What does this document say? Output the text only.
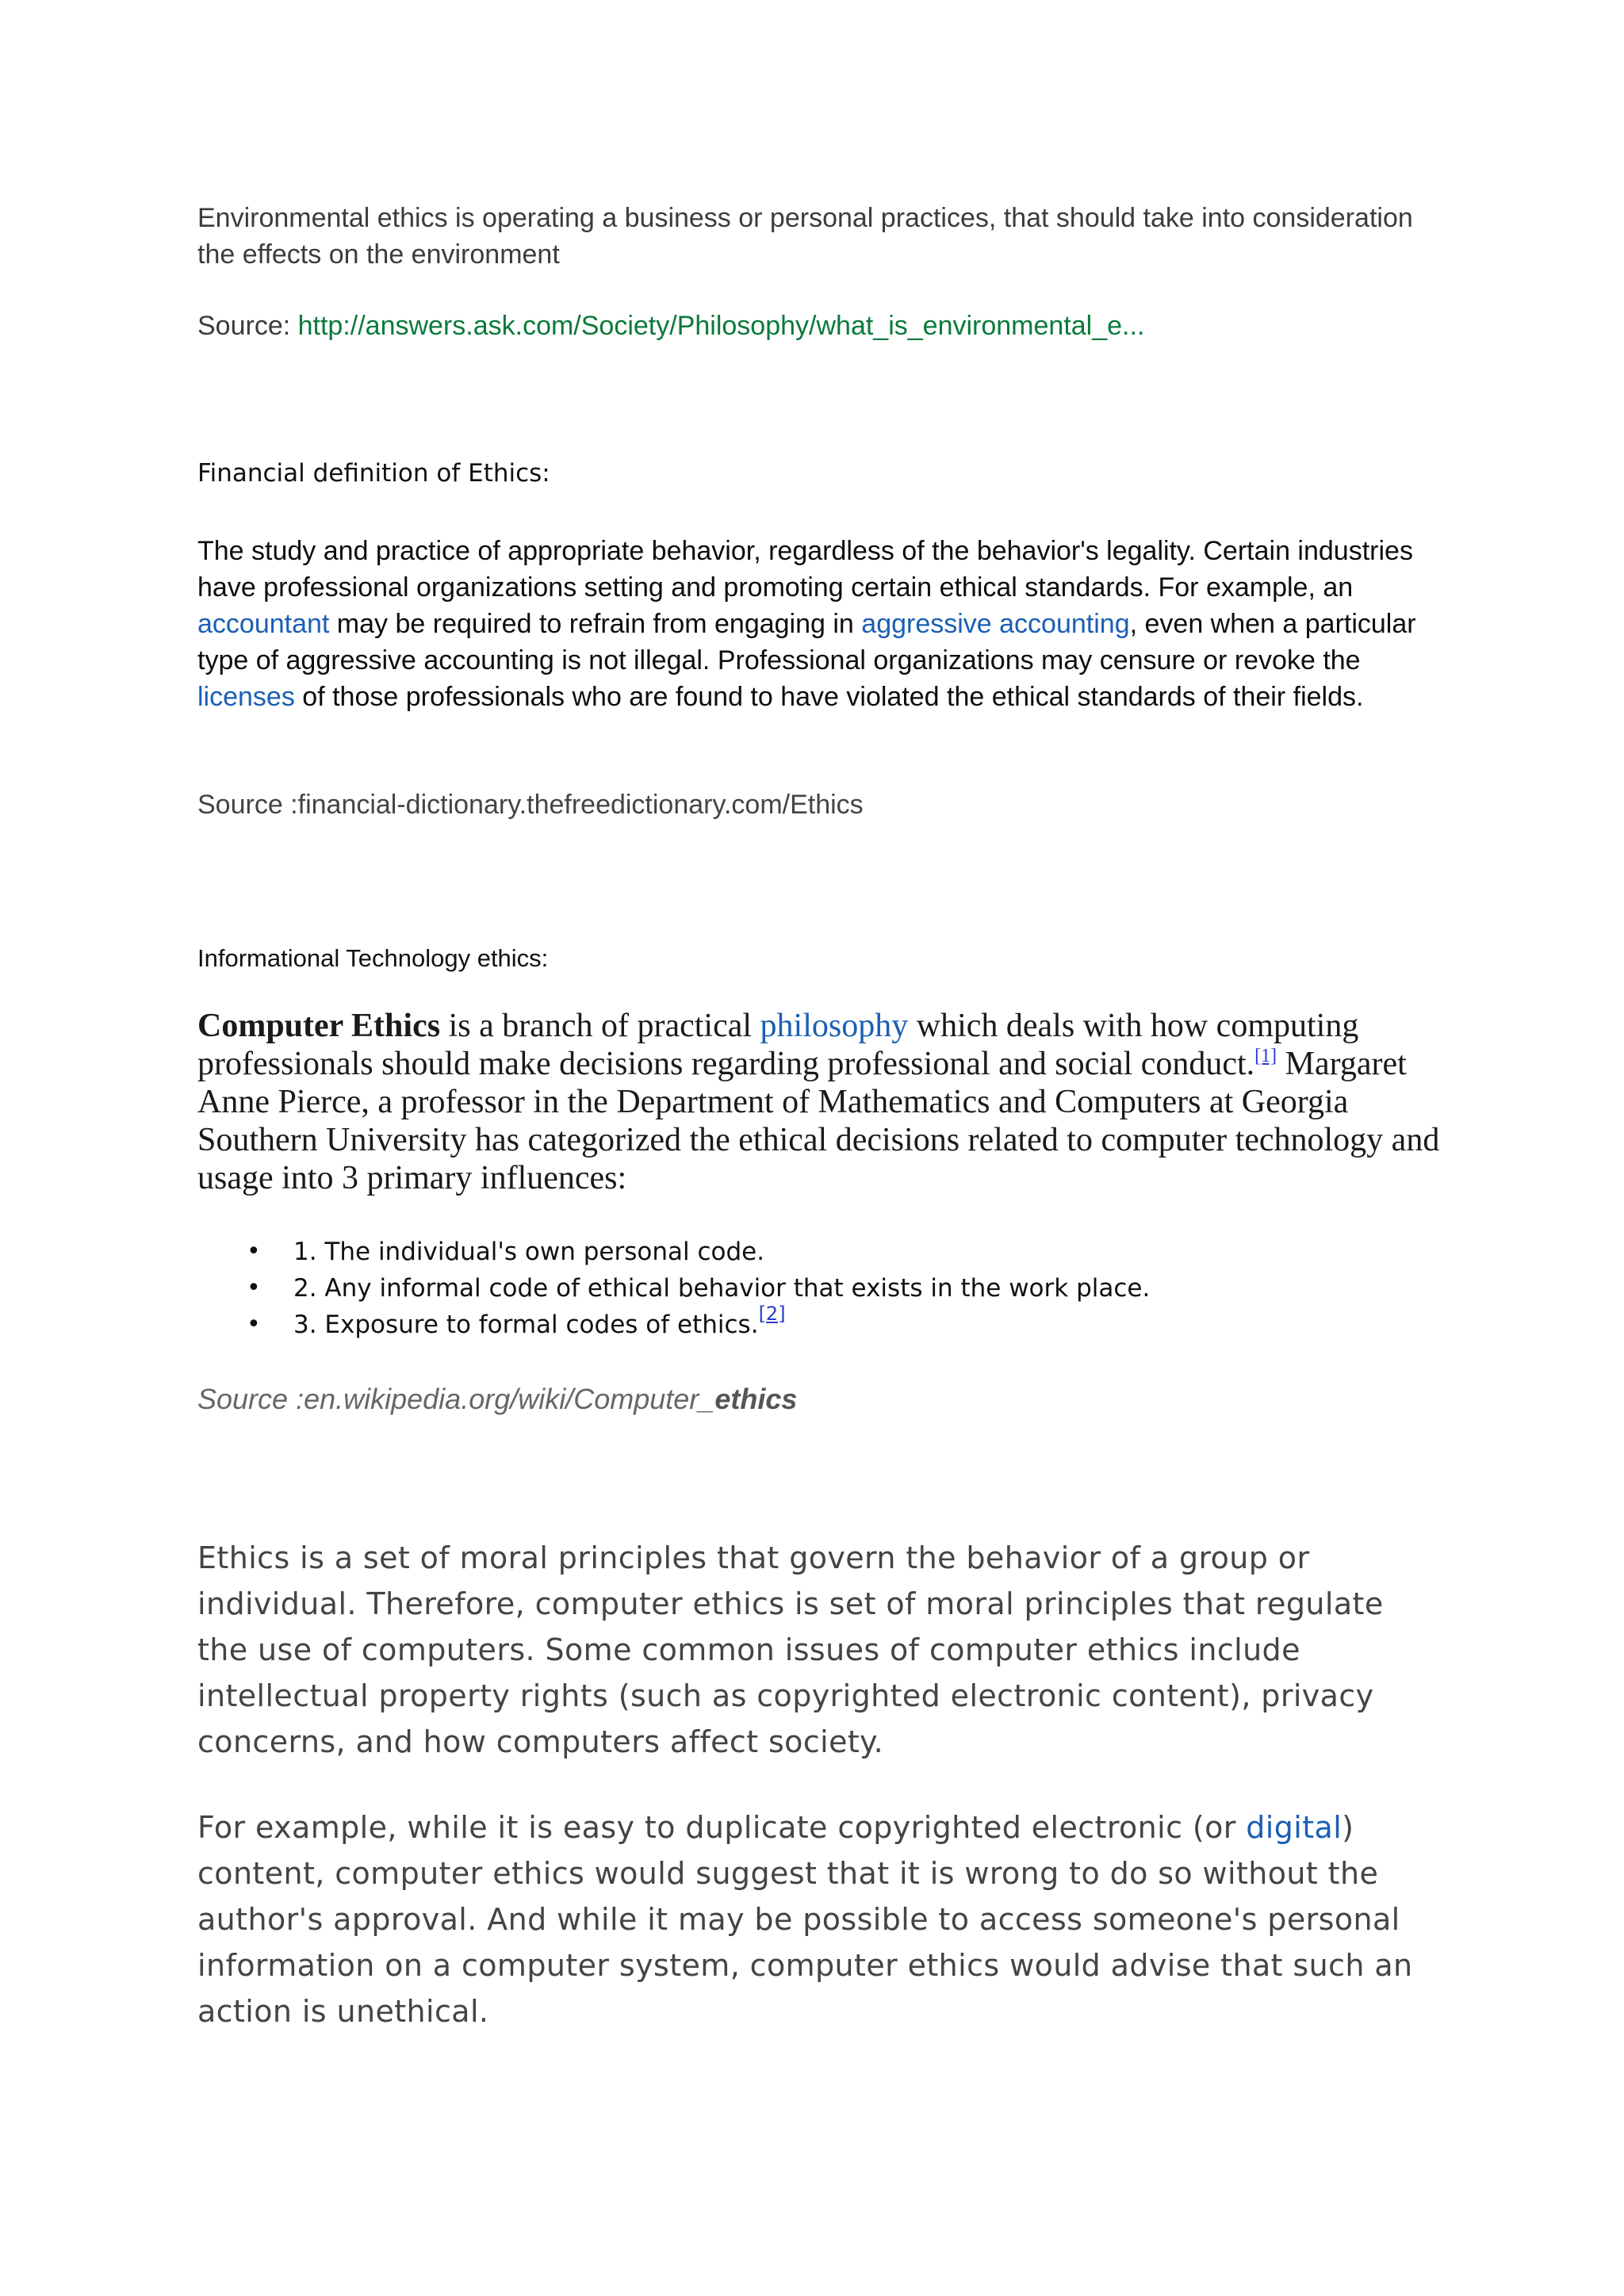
Environmental ethics is operating a business or personal practices, that should take into consideration the effects on the environment

Source: http://answers.ask.com/Society/Philosophy/what_is_environmental_e...

Financial definition of Ethics:

The study and practice of appropriate behavior, regardless of the behavior's legality. Certain industries have professional organizations setting and promoting certain ethical standards. For example, an accountant may be required to refrain from engaging in aggressive accounting, even when a particular type of aggressive accounting is not illegal. Professional organizations may censure or revoke the licenses of those professionals who are found to have violated the ethical standards of their fields.

Source :financial-dictionary.thefreedictionary.com/Ethics

Informational Technology ethics:

Computer Ethics is a branch of practical philosophy which deals with how computing professionals should make decisions regarding professional and social conduct.[1] Margaret Anne Pierce, a professor in the Department of Mathematics and Computers at Georgia Southern University has categorized the ethical decisions related to computer technology and usage into 3 primary influences:

• 1. The individual's own personal code.
• 2. Any informal code of ethical behavior that exists in the work place.
• 3. Exposure to formal codes of ethics.[2]

Source :en.wikipedia.org/wiki/Computer_ethics

Ethics is a set of moral principles that govern the behavior of a group or individual. Therefore, computer ethics is set of moral principles that regulate the use of computers. Some common issues of computer ethics include intellectual property rights (such as copyrighted electronic content), privacy concerns, and how computers affect society.

For example, while it is easy to duplicate copyrighted electronic (or digital) content, computer ethics would suggest that it is wrong to do so without the author's approval. And while it may be possible to access someone's personal information on a computer system, computer ethics would advise that such an action is unethical.
